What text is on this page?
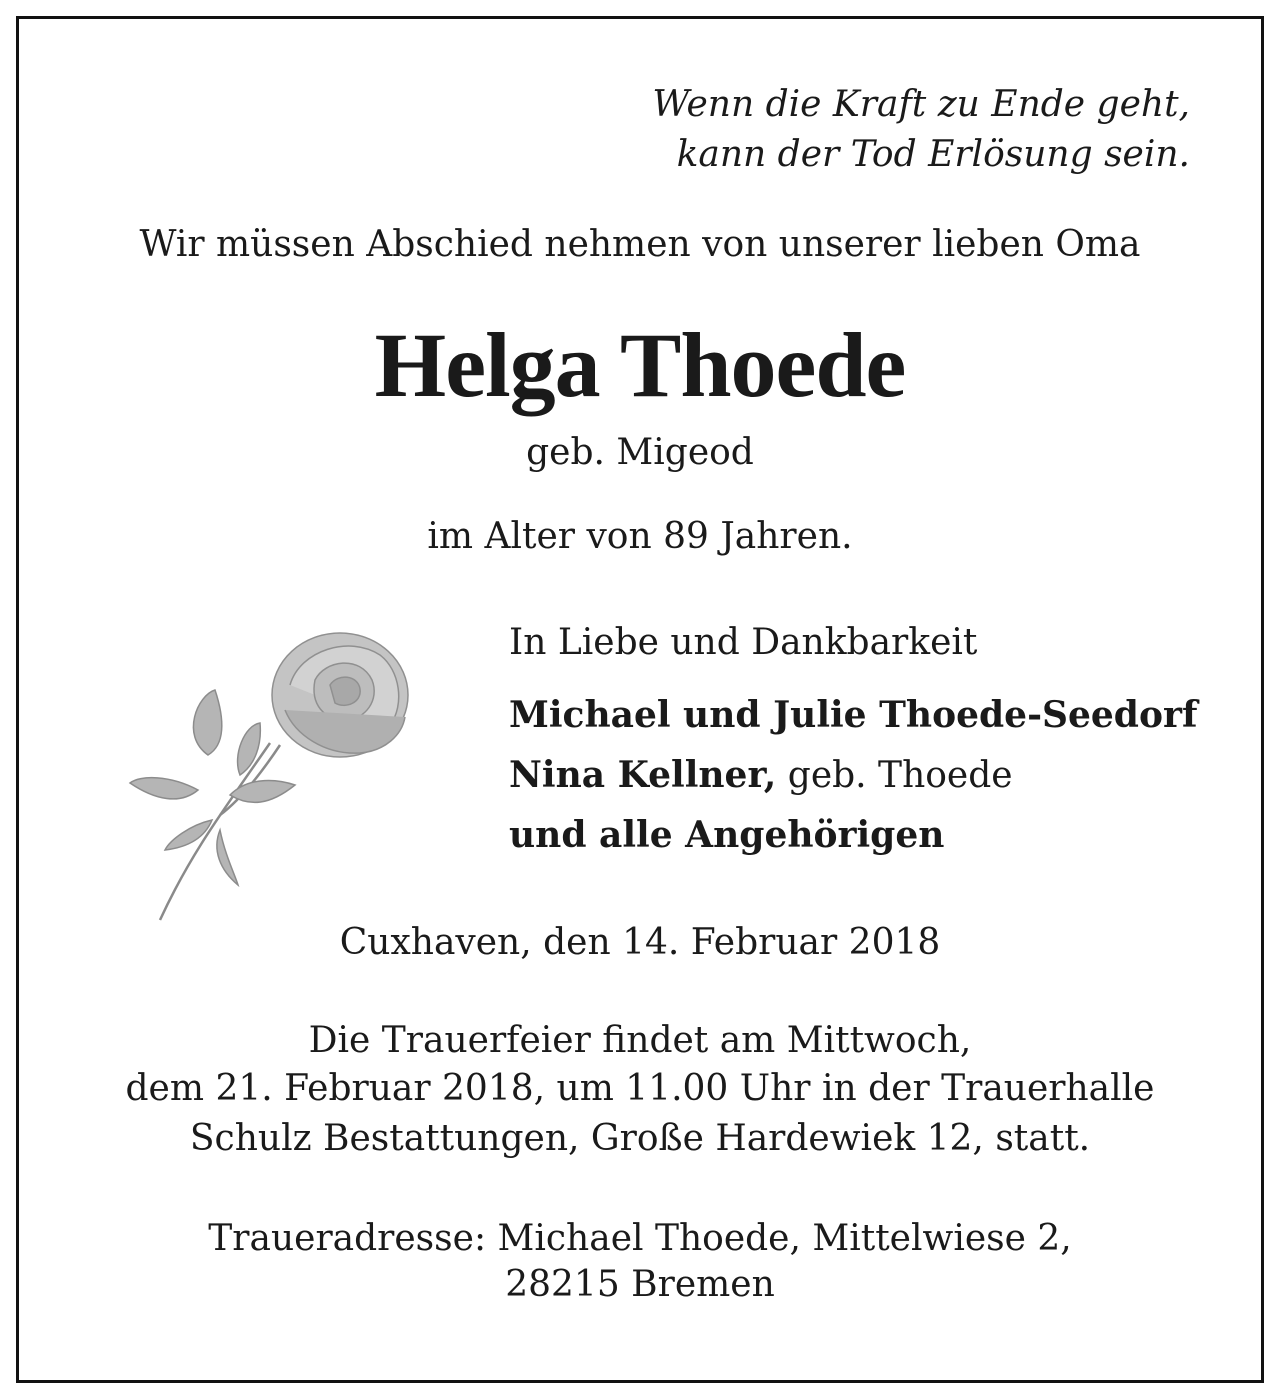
Wenn die Kraft zu Ende geht,
kann der Tod Erlösung sein.
Wir müssen Abschied nehmen von unserer lieben Oma
Helga Thoede
geb. Migeod
im Alter von 89 Jahren.
In Liebe und Dankbarkeit
Michael und Julie Thoede-Seedorf
Nina Kellner, geb. Thoede
und alle Angehörigen
Cuxhaven, den 14. Februar 2018
Die Trauerfeier findet am Mittwoch,
dem 21. Februar 2018, um 11.00 Uhr in der Trauerhalle
Schulz Bestattungen, Große Hardewiek 12, statt.
Traueradresse: Michael Thoede, Mittelwiese 2,
28215 Bremen
